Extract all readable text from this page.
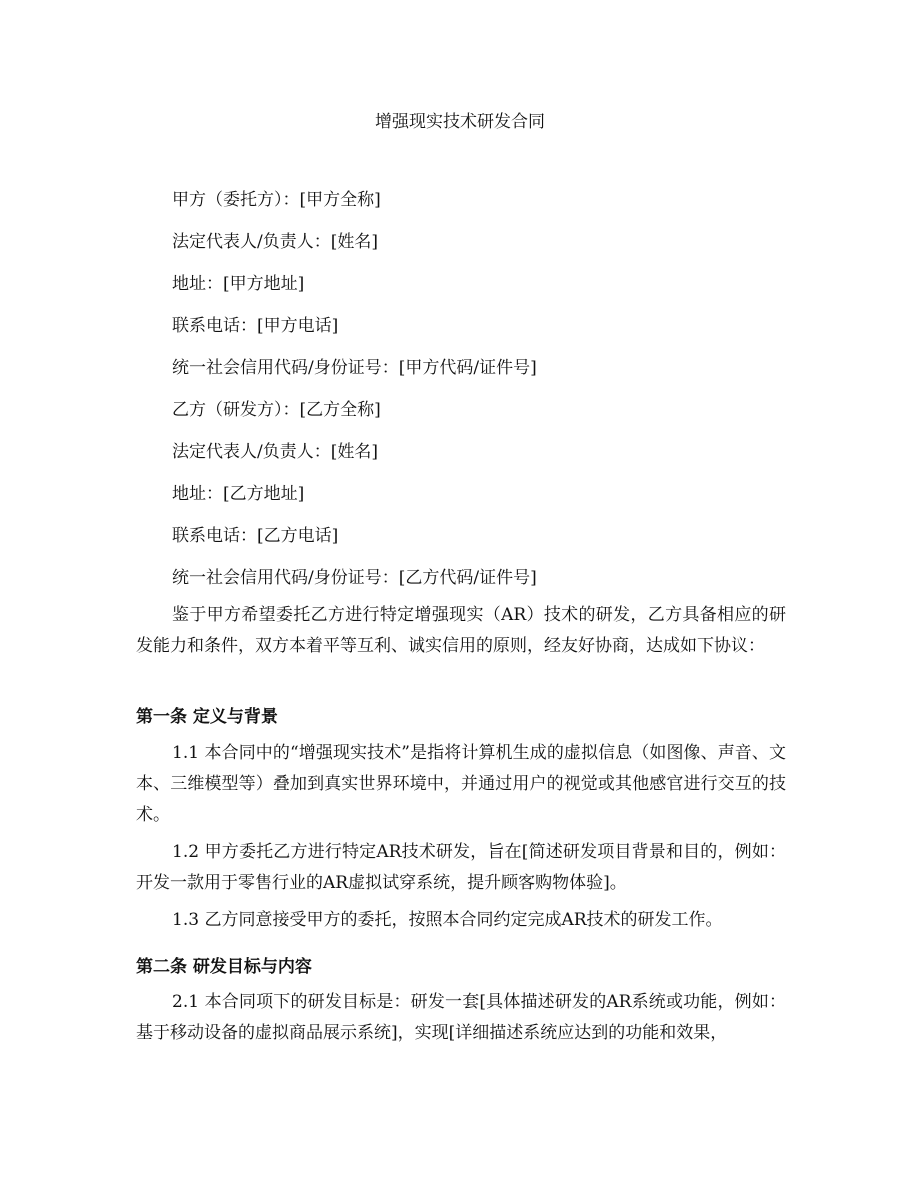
增强现实技术研发合同
甲方（委托方）：[甲方全称]
法定代表人/负责人：[姓名]
地址：[甲方地址]
联系电话：[甲方电话]
统一社会信用代码/身份证号：[甲方代码/证件号]
乙方（研发方）：[乙方全称]
法定代表人/负责人：[姓名]
地址：[乙方地址]
联系电话：[乙方电话]
统一社会信用代码/身份证号：[乙方代码/证件号]
鉴于甲方希望委托乙方进行特定增强现实（AR）技术的研发，乙方具备相应的研发能力和条件，双方本着平等互利、诚实信用的原则，经友好协商，达成如下协议：
第一条 定义与背景
1.1 本合同中的“增强现实技术”是指将计算机生成的虚拟信息（如图像、声音、文本、三维模型等）叠加到真实世界环境中，并通过用户的视觉或其他感官进行交互的技术。
1.2 甲方委托乙方进行特定AR技术研发，旨在[简述研发项目背景和目的，例如：开发一款用于零售行业的AR虚拟试穿系统，提升顾客购物体验]。
1.3 乙方同意接受甲方的委托，按照本合同约定完成AR技术的研发工作。
第二条 研发目标与内容
2.1 本合同项下的研发目标是：研发一套[具体描述研发的AR系统或功能，例如：基于移动设备的虚拟商品展示系统]，实现[详细描述系统应达到的功能和效果，
